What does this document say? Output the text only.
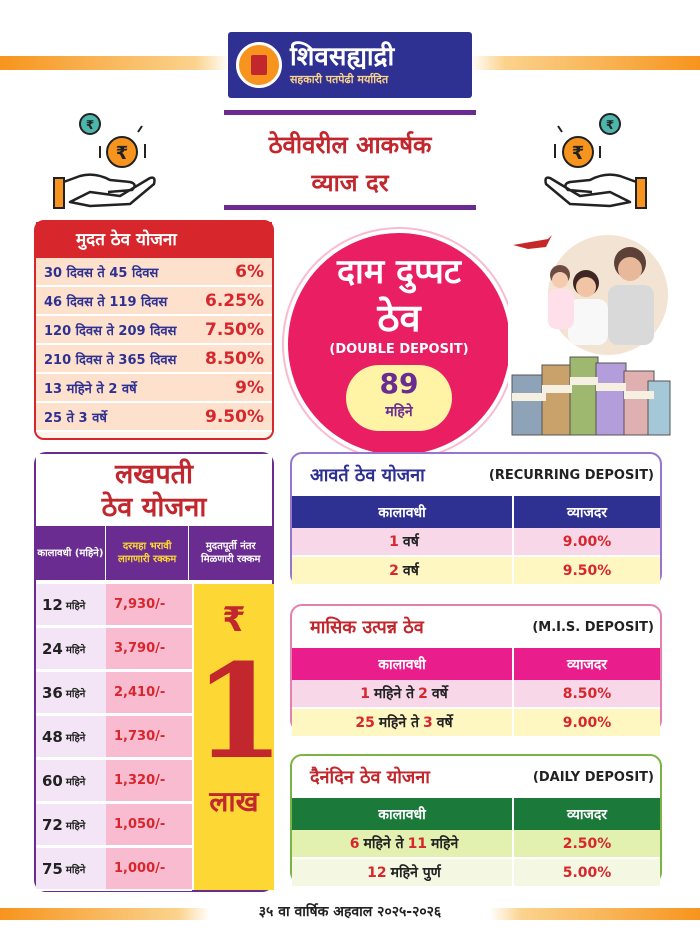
शिवसह्याद्री
सहकारी पतपेढी मर्यादित
ठेवीवरील आकर्षक
व्याज दर
₹
₹
₹
₹
मुदत ठेव योजना
30 दिवस ते 45 दिवस	6%
46 दिवस ते 119 दिवस 6.25%
120 दिवस ते 209 दिवस 7.50%
210 दिवस ते 365 दिवस 8.50%
13 महिने ते 2 वर्षे	9%
25 ते 3 वर्षे	9.50%
दाम दुप्पट
ठेव
(DOUBLE DEPOSIT)
89
महिने
लखपती
ठेव योजना
कालावधी (महिने)
दरमहा भरावी लागणारी रक्कम
मुदतपूर्ती नंतर मिळणारी रक्कम
₹
1
लाख
12 महिने	7,930/-
24 महिने	3,790/-
36 महिने	2,410/-
48 महिने	1,730/-
60 महिने	1,320/-
72 महिने	1,050/-
75 महिने	1,000/-
आवर्त ठेव योजना	(RECURRING DEPOSIT)
कालावधी	व्याजदर
1 वर्ष	9.00%
2 वर्ष	9.50%
मासिक उत्पन्न ठेव	(M.I.S. DEPOSIT)
कालावधी	व्याजदर
1 महिने ते 2 वर्षे	8.50%
25 महिने ते 3 वर्षे	9.00%
दैनंदिन ठेव योजना	(DAILY DEPOSIT)
कालावधी	व्याजदर
6 महिने ते 11 महिने	2.50%
12 महिने पुर्ण	5.00%
३५ वा वार्षिक अहवाल २०२५-२०२६
